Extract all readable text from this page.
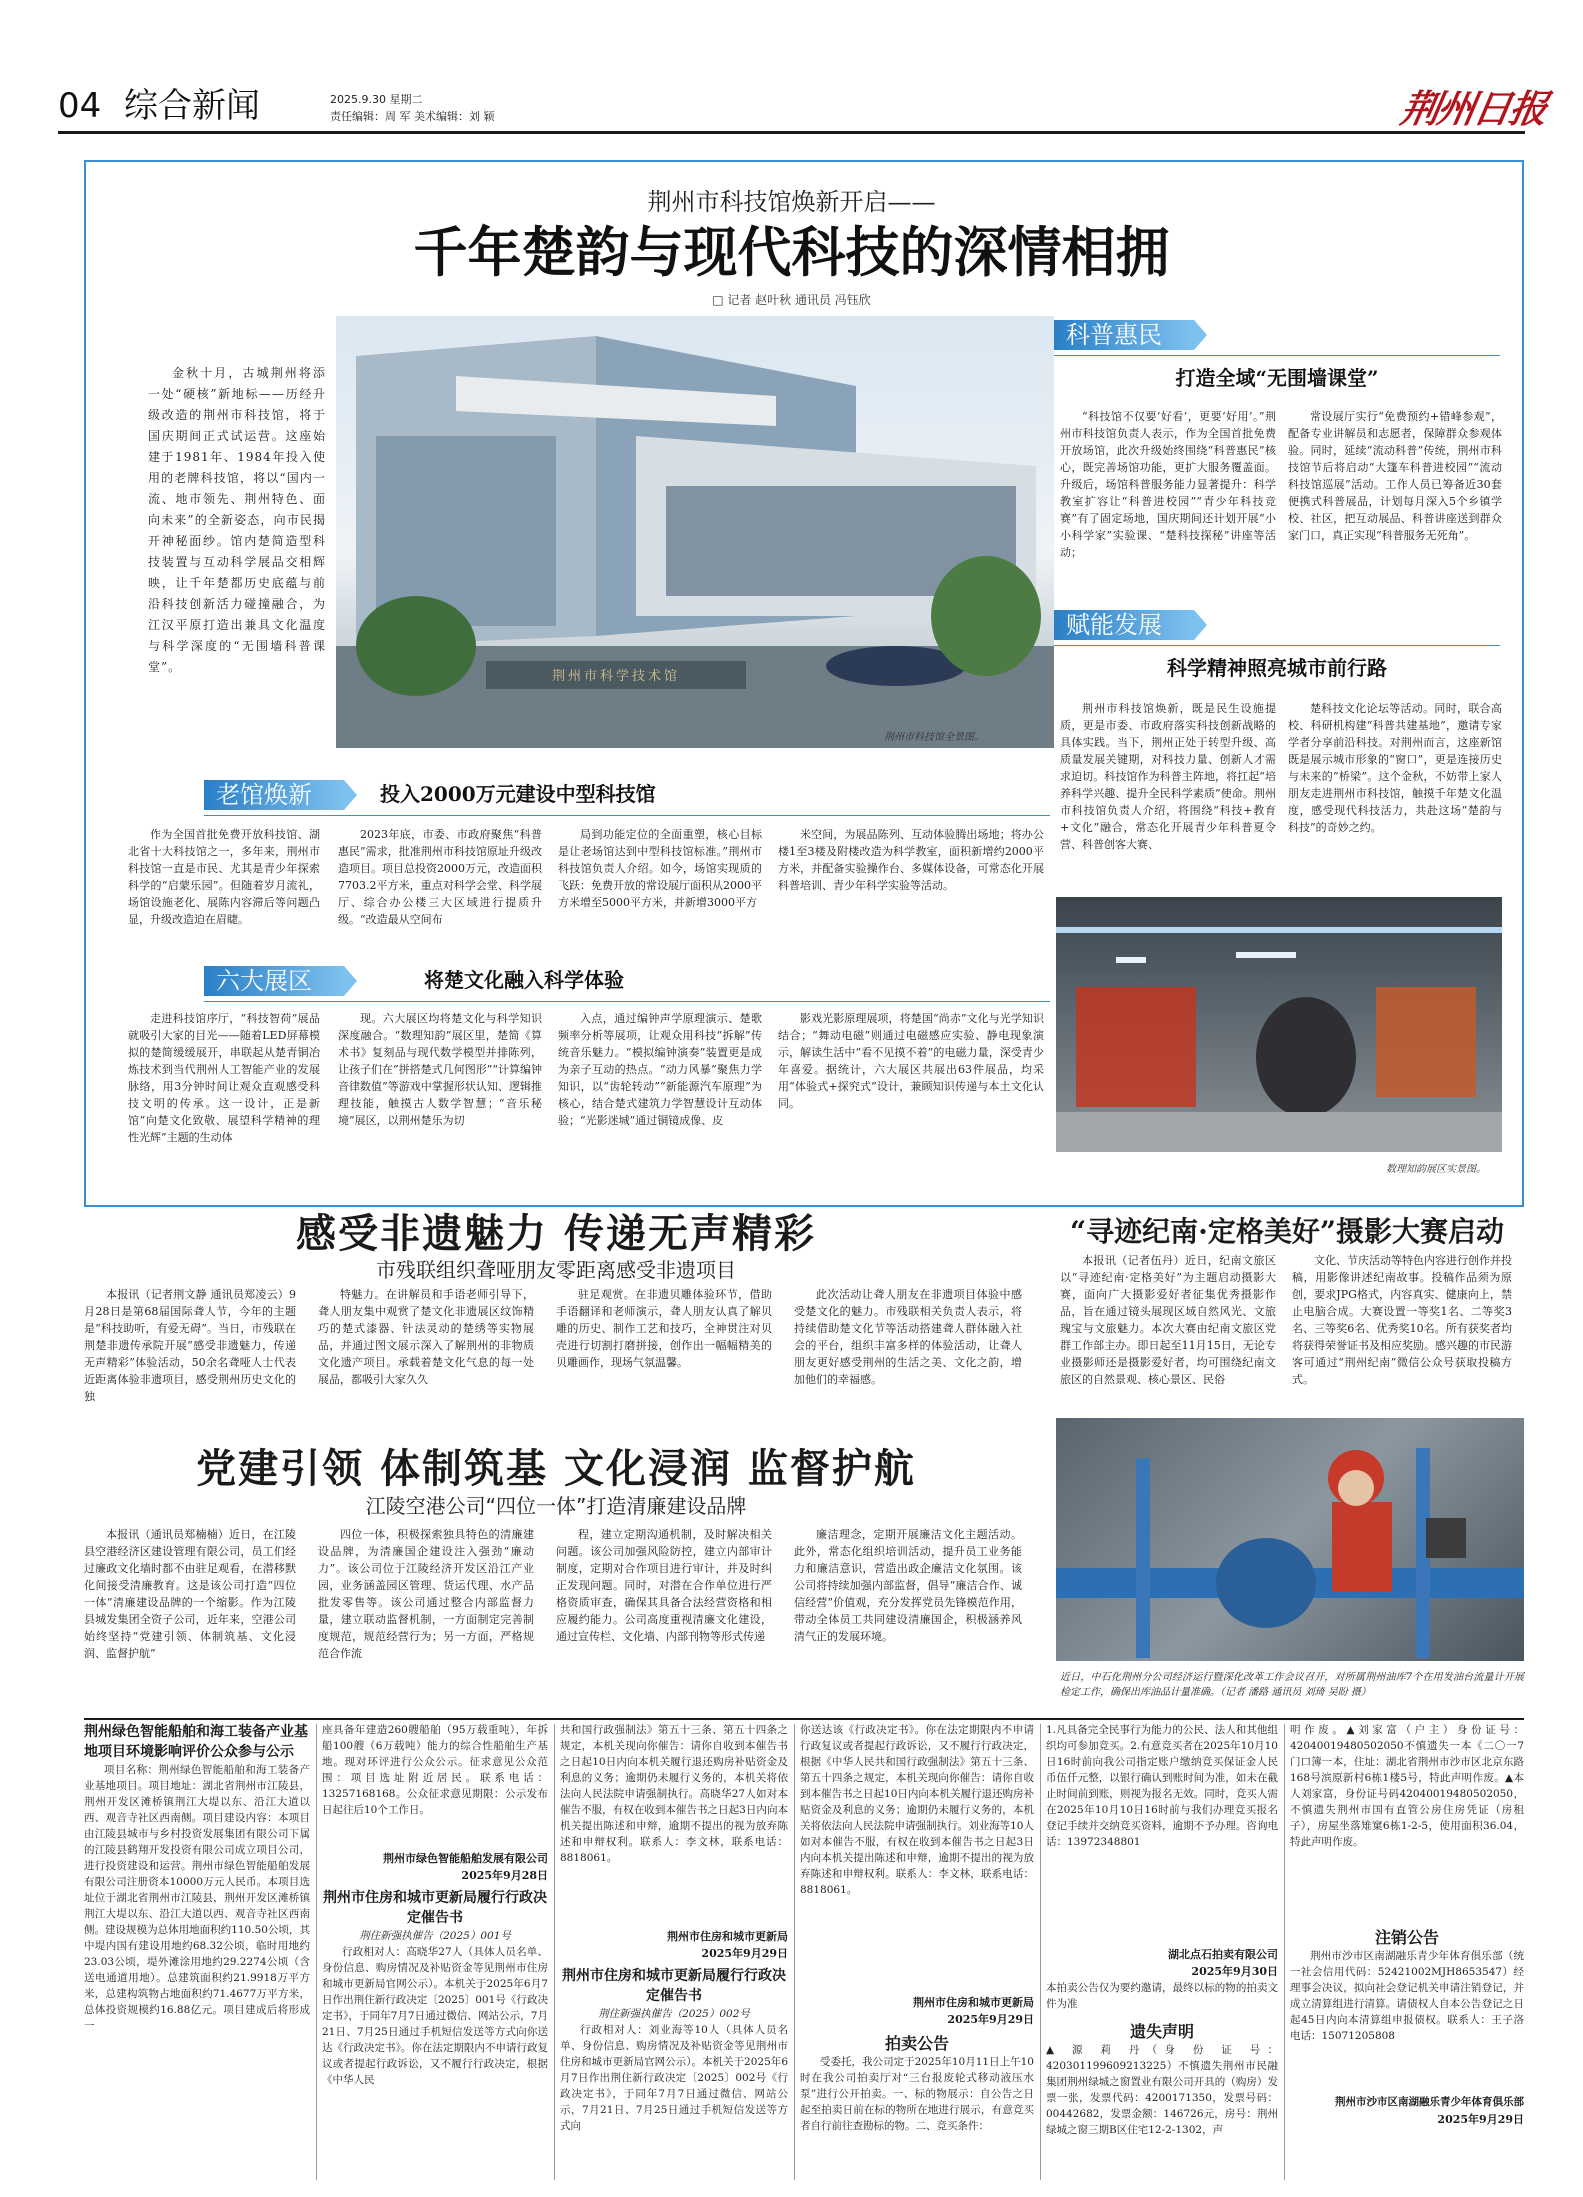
04 综合新闻	2025.9.30 星期二
责任编辑：周 军 美术编辑：刘 颖	荆州日报
荆州市科技馆焕新开启——
千年楚韵与现代科技的深情相拥
□ 记者 赵叶秋 通讯员 冯钰欣
金秋十月，古城荆州将添一处“硬核”新地标——历经升级改造的荆州市科技馆，将于国庆期间正式试运营。这座始建于1981年、1984年投入使用的老牌科技馆，将以“国内一流、地市领先、荆州特色、面向未来”的全新姿态，向市民揭开神秘面纱。馆内楚简造型科技装置与互动科学展品交相辉映，让千年楚都历史底蕴与前沿科技创新活力碰撞融合，为江汉平原打造出兼具文化温度与科学深度的“无围墙科普课堂”。
荆州市科学技术馆
荆州市科技馆全景图。
科普惠民
打造全域“无围墙课堂”
“科技馆不仅要‘好看’，更要‘好用’。”荆州市科技馆负责人表示，作为全国首批免费开放场馆，此次升级始终围绕“科普惠民”核心，既完善场馆功能，更扩大服务覆盖面。升级后，场馆科普服务能力显著提升：科学教室扩容让“科普进校园”“青少年科技竞赛”有了固定场地，国庆期间还计划开展“小小科学家”实验课、“楚科技探秘”讲座等活动；
常设展厅实行“免费预约+错峰参观”，配备专业讲解员和志愿者，保障群众参观体验。同时，延续“流动科普”传统，荆州市科技馆节后将启动“大篷车科普进校园”“流动科技馆巡展”活动。工作人员已筹备近30套便携式科普展品，计划每月深入5个乡镇学校、社区，把互动展品、科普讲座送到群众家门口，真正实现“科普服务无死角”。
赋能发展
科学精神照亮城市前行路
荆州市科技馆焕新，既是民生设施提质，更是市委、市政府落实科技创新战略的具体实践。当下，荆州正处于转型升级、高质量发展关键期，对科技力量、创新人才需求迫切。科技馆作为科普主阵地，将扛起“培养科学兴趣、提升全民科学素质”使命。荆州市科技馆负责人介绍，将围绕“科技+教育+文化”融合，常态化开展青少年科普夏令营、科普创客大赛、
楚科技文化论坛等活动。同时，联合高校、科研机构建“科普共建基地”，邀请专家学者分享前沿科技。对荆州而言，这座新馆既是展示城市形象的“窗口”，更是连接历史与未来的“桥梁”。这个金秋，不妨带上家人朋友走进荆州市科技馆，触摸千年楚文化温度，感受现代科技活力，共赴这场“楚韵与科技”的奇妙之约。
数理知韵展区实景图。
老馆焕新	投入2000万元建设中型科技馆
作为全国首批免费开放科技馆、湖北省十大科技馆之一，多年来，荆州市科技馆一直是市民、尤其是青少年探索科学的“启蒙乐园”。但随着岁月流礼，场馆设施老化、展陈内容滞后等问题凸显，升级改造迫在眉睫。
2023年底，市委、市政府聚焦“科普惠民”需求，批准荆州市科技馆原址升级改造项目。项目总投资2000万元，改造面积7703.2平方米，重点对科学会堂、科学展厅、综合办公楼三大区域进行提质升级。“改造最从空间布
局到功能定位的全面重塑，核心目标是让老场馆达到中型科技馆标准。”荆州市科技馆负责人介绍。如今，场馆实现质的飞跃：免费开放的常设展厅面积从2000平方米增至5000平方米，并新增3000平方
米空间，为展品陈列、互动体验腾出场地；将办公楼1至3楼及附楼改造为科学教室，面积新增约2000平方米，并配备实验操作台、多媒体设备，可常态化开展科普培训、青少年科学实验等活动。
六大展区	将楚文化融入科学体验
走进科技馆序厅，“科技智荷”展品就吸引大家的目光——随着LED屏幕模拟的楚简缓缓展开，串联起从楚青铜冶炼技术到当代荆州人工智能产业的发展脉络，用3分钟时间让观众直观感受科技文明的传承。这一设计，正是新馆“向楚文化致敬、展望科学精神的理性光辉”主题的生动体
现。六大展区均将楚文化与科学知识深度融合。“数理知韵”展区里，楚简《算术书》复刻品与现代数学模型并排陈列，让孩子们在“拼搭楚式几何图形”“计算编钟音律数值”等游戏中掌握形状认知、逻辑推理技能，触摸古人数学智慧；“音乐秘境”展区，以荆州楚乐为切
入点，通过编钟声学原理演示、楚歌频率分析等展项，让观众用科技“拆解”传统音乐魅力。“模拟编钟演奏”装置更是成为亲子互动的热点。“动力风暴”聚焦力学知识，以“齿轮转动”“新能源汽车原理”为核心，结合楚式建筑力学智慧设计互动体验；“光影迷城”通过铜镜成像、皮
影戏光影原理展项，将楚国“尚赤”文化与光学知识结合；“舞动电磁”则通过电磁感应实验、静电现象演示，解读生活中“看不见摸不着”的电磁力量，深受青少年喜爱。据统计，六大展区共展出63件展品，均采用“体验式+探究式”设计，兼顾知识传递与本土文化认同。
感受非遗魅力 传递无声精彩
市残联组织聋哑朋友零距离感受非遗项目
本报讯（记者荆文静 通讯员郑凌云）9月28日是第68届国际聋人节，今年的主题是“科技助听，有爱无碍”。当日，市残联在荆楚非遗传承院开展“感受非遗魅力，传递无声精彩”体验活动，50余名聋哑人士代表近距离体验非遗项目，感受荆州历史文化的独
特魅力。在讲解员和手语老师引导下，聋人朋友集中观赏了楚文化非遗展区纹饰精巧的楚式漆器、针法灵动的楚绣等实物展品，并通过图文展示深入了解荆州的非物质文化遗产项目。承载着楚文化气息的每一处展品，都吸引大家久久
驻足观赏。在非遗贝雕体验环节，借助手语翻译和老师演示，聋人朋友认真了解贝雕的历史、制作工艺和技巧，全神贯注对贝壳进行切割打磨拼接，创作出一幅幅精美的贝雕画作，现场气氛温馨。
此次活动让聋人朋友在非遗项目体验中感受楚文化的魅力。市残联相关负责人表示，将持续借助楚文化节等活动搭建聋人群体融入社会的平台，组织丰富多样的体验活动，让聋人朋友更好感受荆州的生活之美、文化之韵，增加他们的幸福感。
“寻迹纪南·定格美好”摄影大赛启动
本报讯（记者伍丹）近日，纪南文旅区以“寻迹纪南·定格美好”为主题启动摄影大赛，面向广大摄影爱好者征集优秀摄影作品，旨在通过镜头展现区域自然风光、文旅瑰宝与文旅魅力。本次大赛由纪南文旅区党群工作部主办。即日起至11月15日，无论专业摄影师还是摄影爱好者，均可围绕纪南文旅区的自然景观、核心景区、民俗
文化、节庆活动等特色内容进行创作并投稿，用影像讲述纪南故事。投稿作品须为原创，要求JPG格式，内容真实、健康向上，禁止电脑合成。大赛设置一等奖1名、二等奖3名、三等奖6名、优秀奖10名。所有获奖者均将获得荣誉证书及相应奖励。感兴趣的市民游客可通过“荆州纪南”微信公众号获取投稿方式。
党建引领 体制筑基 文化浸润 监督护航
江陵空港公司“四位一体”打造清廉建设品牌
本报讯（通讯员郑楠楠）近日，在江陵县空港经济区建设管理有限公司，员工们经过廉政文化墙时都不由驻足观看，在潜移默化间接受清廉教育。这是该公司打造“四位一体”清廉建设品牌的一个缩影。作为江陵县城发集团全资子公司，近年来，空港公司始终坚持“党建引领、体制筑基、文化浸润、监督护航”
四位一体，积极探索独具特色的清廉建设品牌，为清廉国企建设注入强劲“廉动力”。该公司位于江陵经济开发区沿江产业园，业务涵盖园区管理、货运代理、水产品批发零售等。该公司通过整合内部监督力量，建立联动监督机制，一方面制定完善制度规范，规范经营行为；另一方面，严格规范合作流
程，建立定期沟通机制，及时解决相关问题。该公司加强风险防控，建立内部审计制度，定期对合作项目进行审计，并及时纠正发现问题。同时，对潜在合作单位进行严格资质审查，确保其具备合法经营资格和相应履约能力。公司高度重视清廉文化建设，通过宣传栏、文化墙、内部刊物等形式传递
廉洁理念，定期开展廉洁文化主题活动。此外，常态化组织培训活动，提升员工业务能力和廉洁意识，营造出政企廉洁文化氛围。该公司将持续加强内部监督，倡导“廉洁合作、诚信经营”价值观，充分发挥党员先锋模范作用，带动全体员工共同建设清廉国企，积极涵养风清气正的发展环境。
近日，中石化荆州分公司经济运行暨深化改革工作会议召开，对所属荆州油库7个在用发油台流量计开展检定工作，确保出库油品计量准确。（记者 潘路 通讯员 刘琦 吴盼 摄）
荆州绿色智能船舶和海工装备产业基地项目环境影响评价公众参与公示
项目名称：荆州绿色智能船舶和海工装备产业基地项目。项目地址：湖北省荆州市江陵县，荆州开发区滩桥镇荆江大堤以东、沿江大道以西、观音寺社区西南侧。项目建设内容：本项目由江陵县城市与乡村投资发展集团有限公司下属的江陵县鹤翔开发投资有限公司成立项目公司，进行投资建设和运营。荆州市绿色智能船舶发展有限公司注册资本10000万元人民币。本项目选址位于湖北省荆州市江陵县，荆州开发区滩桥镇荆江大堤以东、沿江大道以西、观音寺社区西南侧。建设规模为总体用地面积约110.50公顷，其中堤内国有建设用地约68.32公顷，临时用地约23.03公顷，堤外滩涂用地约29.2274公顷（含送电通道用地）。总建筑面积约21.9918万平方米，总建构筑物占地面积约71.4677万平方米，总体投资规模约16.88亿元。项目建成后将形成一
座具备年建造260艘船舶（95万载重吨），年拆船100艘（6万载吨）能力的综合性船舶生产基地。现对环评进行公众公示。征求意见公众范围：项目选址附近居民。联系电话：13257168168。公众征求意见期限：公示发布日起往后10个工作日。
荆州市绿色智能船舶发展有限公司
2025年9月28日
荆州市住房和城市更新局履行行政决定催告书
荆住新强执催告（2025）001号
行政相对人：高晓华27人（具体人员名单、身份信息、购房情况及补贴资金等见荆州市住房和城市更新局官网公示）。本机关于2025年6月7日作出荆住新行政决定〔2025〕001号《行政决定书》，于同年7月7日通过微信、网站公示，7月21日、7月25日通过手机短信发送等方式向你送达《行政决定书》。你在法定期限内不申请行政复议或者提起行政诉讼，又不履行行政决定，根据《中华人民
共和国行政强制法》第五十三条、第五十四条之规定，本机关现向你催告：请你自收到本催告书之日起10日内向本机关履行退还购房补贴资金及利息的义务；逾期仍未履行义务的，本机关将依法向人民法院申请强制执行。高晓华27人如对本催告不服，有权在收到本催告书之日起3日内向本机关提出陈述和申辩，逾期不提出的视为放弃陈述和申辩权利。联系人：李文林，联系电话：8818061。
荆州市住房和城市更新局
2025年9月29日
荆州市住房和城市更新局履行行政决定催告书
荆住新强执催告（2025）002号
行政相对人：刘业海等10人（具体人员名单、身份信息、购房情况及补贴资金等见荆州市住房和城市更新局官网公示）。本机关于2025年6月7日作出荆住新行政决定〔2025〕002号《行政决定书》，于同年7月7日通过微信、网站公示，7月21日、7月25日通过手机短信发送等方式向
你送达该《行政决定书》。你在法定期限内不申请行政复议或者提起行政诉讼，又不履行行政决定，根据《中华人民共和国行政强制法》第五十三条、第五十四条之规定，本机关现向你催告：请你自收到本催告书之日起10日内向本机关履行退还购房补贴资金及利息的义务；逾期仍未履行义务的，本机关将依法向人民法院申请强制执行。刘业海等10人如对本催告不服，有权在收到本催告书之日起3日内向本机关提出陈述和申辩，逾期不提出的视为放弃陈述和申辩权利。联系人：李文林，联系电话：8818061。
荆州市住房和城市更新局
2025年9月29日
拍卖公告
受委托，我公司定于2025年10月11日上午10时在我公司拍卖厅对“三台报废轮式移动液压水泵”进行公开拍卖。一、标的物展示：自公告之日起至拍卖日前在标的物所在地进行展示，有意竞买者自行前往查勘标的物。二、竞买条件：
1.凡具备完全民事行为能力的公民、法人和其他组织均可参加竞买。2.有意竞买者在2025年10月10日16时前向我公司指定账户缴纳竞买保证金人民币伍仟元整，以银行确认到账时间为准，如未在截止时间前到账，则视为报名无效。同时，竞买人需在2025年10月10日16时前与我们办理竞买报名登记手续并交纳竞买资料，逾期不予办理。咨询电话：13972348801
湖北点石拍卖有限公司
2025年9月30日
本拍卖公告仅为要约邀请，最终以标的物的拍卖文件为准
遗失声明
▲ 源 莉 丹（身 份 证 号：420301199609213225）不慎遗失荆州市民融集团荆州绿城之窗置业有限公司开具的（购房）发票一张，发票代码：4200171350，发票号码：00442682，发票金额：146726元，房号：荆州绿城之窗三期B区住宅12-2-1302，声
明作废。▲刘家富（户主）身份证号：42040019480502050不慎遗失一本《二〇一7门口簿一本，住址：湖北省荆州市沙市区北京东路168号滨原新村6栋1楼5号，特此声明作废。▲本人刘家富，身份证号码42040019480502050，不慎遗失荆州市国有直管公房住房凭证（房租子），房屋坐落雉窠6栋1-2-5，使用面积36.04，特此声明作废。
注销公告
荆州市沙市区南湖融乐青少年体育俱乐部（统一社会信用代码：52421002MJH8653547）经理事会决议，拟向社会登记机关申请注销登记，并成立清算组进行清算。请债权人自本公告登记之日起45日内向本清算组申报债权。联系人：王子洛 电话：15071205808
荆州市沙市区南湖融乐青少年体育俱乐部
2025年9月29日
